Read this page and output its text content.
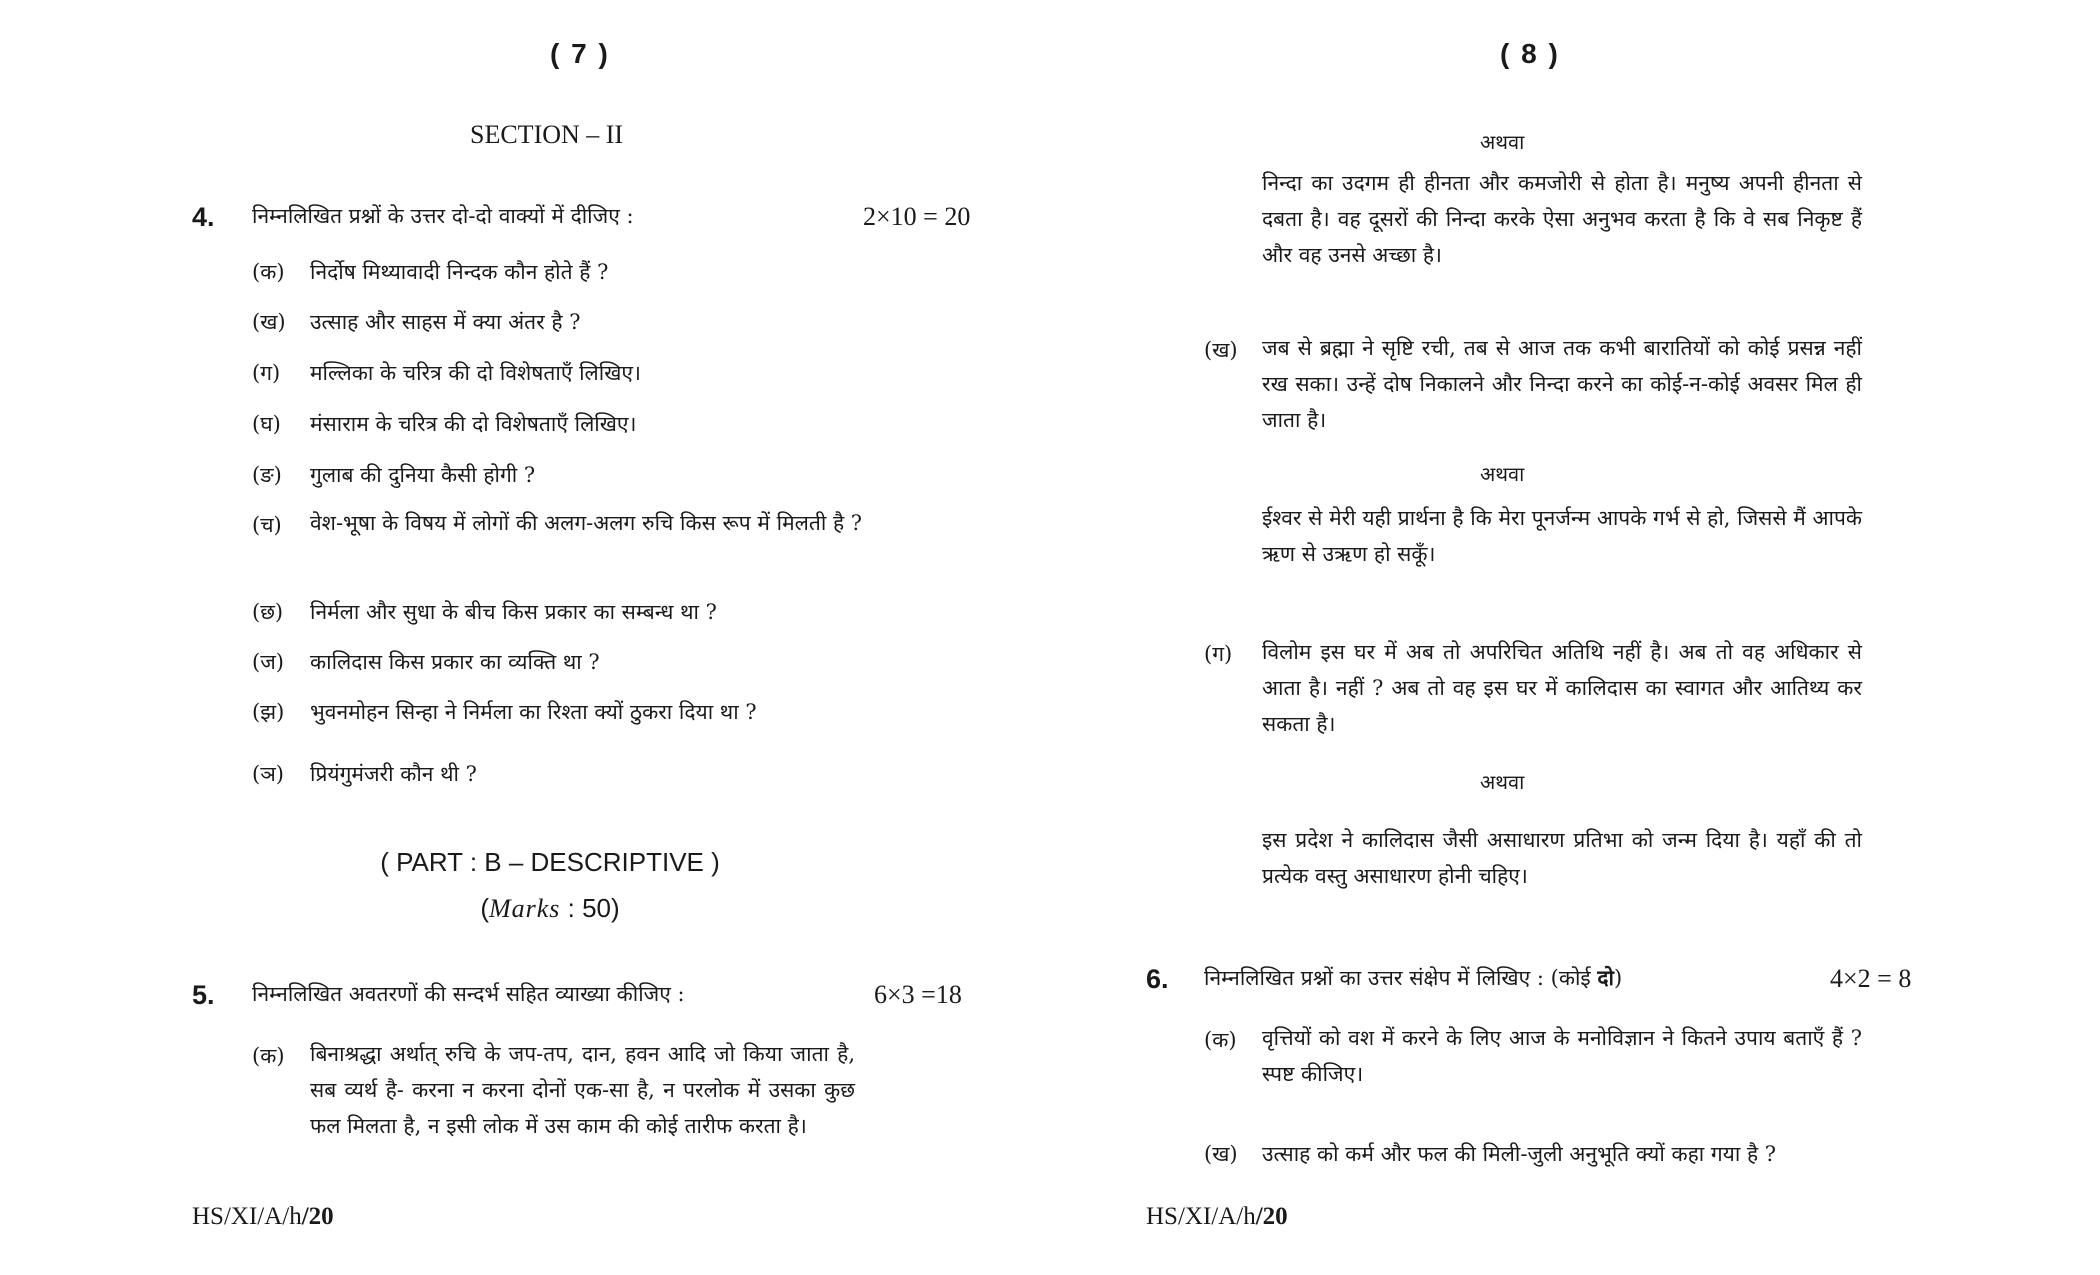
( 7 )
SECTION – II
4. निम्नलिखित प्रश्नों के उत्तर दो-दो वाक्यों में दीजिए :	2×10 = 20
(क) निर्दोष मिथ्यावादी निन्दक कौन होते हैं ?
(ख) उत्साह और साहस में क्या अंतर है ?
(ग) मल्लिका के चरित्र की दो विशेषताएँ लिखिए।
(घ) मंसाराम के चरित्र की दो विशेषताएँ लिखिए।
(ङ) गुलाब की दुनिया कैसी होगी ?
(च) वेश-भूषा के विषय में लोगों की अलग-अलग रुचि किस रूप में मिलती है ?
(छ) निर्मला और सुधा के बीच किस प्रकार का सम्बन्ध था ?
(ज) कालिदास किस प्रकार का व्यक्ति था ?
(झ) भुवनमोहन सिन्हा ने निर्मला का रिश्ता क्यों ठुकरा दिया था ?
(ञ) प्रियंगुमंजरी कौन थी ?
( PART : B – DESCRIPTIVE )
(Marks : 50)
5. निम्नलिखित अवतरणों की सन्दर्भ सहित व्याख्या कीजिए :	6×3 =18
(क) बिनाश्रद्धा अर्थात् रुचि के जप-तप, दान, हवन आदि जो किया जाता है, सब व्यर्थ है- करना न करना दोनों एक-सा है, न परलोक में उसका कुछ फल मिलता है, न इसी लोक में उस काम की कोई तारीफ करता है।
HS/XI/A/h/20
( 8 )
अथवा
निन्दा का उदगम ही हीनता और कमजोरी से होता है। मनुष्य अपनी हीनता से दबता है। वह दूसरों की निन्दा करके ऐसा अनुभव करता है कि वे सब निकृष्ट हैं और वह उनसे अच्छा है।
(ख) जब से ब्रह्मा ने सृष्टि रची, तब से आज तक कभी बारातियों को कोई प्रसन्न नहीं रख सका। उन्हें दोष निकालने और निन्दा करने का कोई-न-कोई अवसर मिल ही जाता है।
अथवा
ईश्वर से मेरी यही प्रार्थना है कि मेरा पूनर्जन्म आपके गर्भ से हो, जिससे मैं आपके ऋण से उऋण हो सकूँ।
(ग) विलोम इस घर में अब तो अपरिचित अतिथि नहीं है। अब तो वह अधिकार से आता है। नहीं ? अब तो वह इस घर में कालिदास का स्वागत और आतिथ्य कर सकता है।
अथवा
इस प्रदेश ने कालिदास जैसी असाधारण प्रतिभा को जन्म दिया है। यहाँ की तो प्रत्येक वस्तु असाधारण होनी चहिए।
6. निम्नलिखित प्रश्नों का उत्तर संक्षेप में लिखिए : (कोई दो)	4×2 = 8
(क) वृत्तियों को वश में करने के लिए आज के मनोविज्ञान ने कितने उपाय बताएँ हैं ? स्पष्ट कीजिए।
(ख) उत्साह को कर्म और फल की मिली-जुली अनुभूति क्यों कहा गया है ?
HS/XI/A/h/20
